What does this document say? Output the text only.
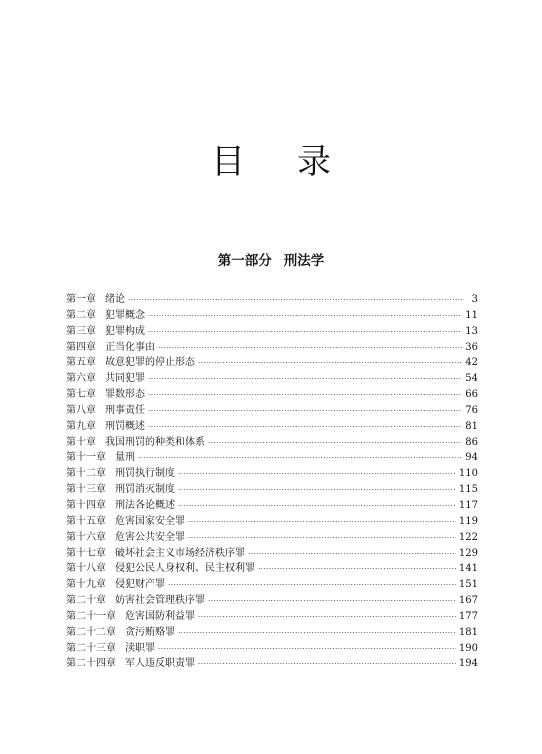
目 录
第一部分 刑法学
第一章 绪论 ·····	3
第二章 犯罪概念 ·····	11
第三章 犯罪构成 ·····	13
第四章 正当化事由 ·····	36
第五章 故意犯罪的停止形态 ·····	42
第六章 共同犯罪 ·····	54
第七章 罪数形态 ·····	66
第八章 刑事责任 ·····	76
第九章 刑罚概述 ·····	81
第十章 我国刑罚的种类和体系 ·····	86
第十一章 量刑 ·····	94
第十二章 刑罚执行制度 ·····	110
第十三章 刑罚消灭制度 ·····	115
第十四章 刑法各论概述 ·····	117
第十五章 危害国家安全罪 ·····	119
第十六章 危害公共安全罪 ·····	122
第十七章 破坏社会主义市场经济秩序罪 ·····	129
第十八章 侵犯公民人身权利、民主权利罪 ·····	141
第十九章 侵犯财产罪 ·····	151
第二十章 妨害社会管理秩序罪 ·····	167
第二十一章 危害国防利益罪 ·····	177
第二十二章 贪污贿赂罪 ·····	181
第二十三章 渎职罪 ·····	190
第二十四章 军人违反职责罪 ·····	194
